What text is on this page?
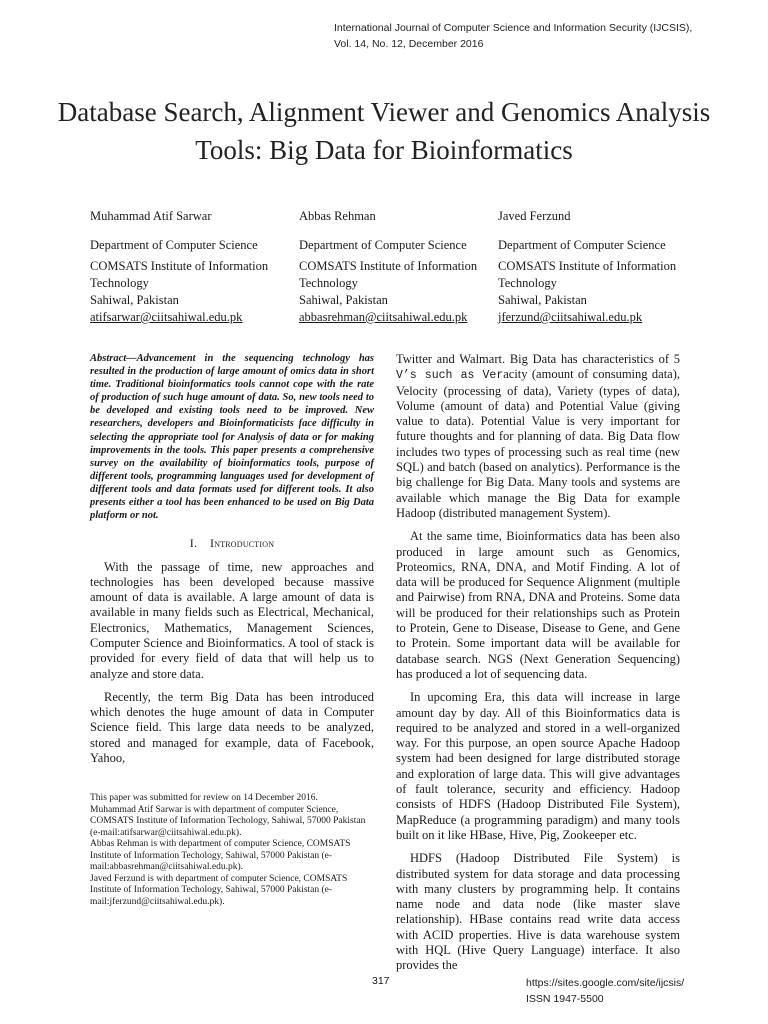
International Journal of Computer Science and Information Security (IJCSIS),
Vol. 14, No. 12, December 2016
Database Search, Alignment Viewer and Genomics Analysis Tools: Big Data for Bioinformatics
Muhammad Atif Sarwar
Department of Computer Science
COMSATS Institute of Information
Technology
Sahiwal, Pakistan
atifsarwar@ciitsahiwal.edu.pk
Abbas Rehman
Department of Computer Science
COMSATS Institute of Information
Technology
Sahiwal, Pakistan
abbasrehman@ciitsahiwal.edu.pk
Javed Ferzund
Department of Computer Science
COMSATS Institute of Information
Technology
Sahiwal, Pakistan
jferzund@ciitsahiwal.edu.pk
Abstract—Advancement in the sequencing technology has resulted in the production of large amount of omics data in short time. Traditional bioinformatics tools cannot cope with the rate of production of such huge amount of data. So, new tools need to be developed and existing tools need to be improved. New researchers, developers and Bioinformaticists face difficulty in selecting the appropriate tool for Analysis of data or for making improvements in the tools. This paper presents a comprehensive survey on the availability of bioinformatics tools, purpose of different tools, programming languages used for development of different tools and data formats used for different tools. It also presents either a tool has been enhanced to be used on Big Data platform or not.
I. Introduction

With the passage of time, new approaches and technologies has been developed because massive amount of data is available. A large amount of data is available in many fields such as Electrical, Mechanical, Electronics, Mathematics, Management Sciences, Computer Science and Bioinformatics. A tool of stack is provided for every field of data that will help us to analyze and store data.

Recently, the term Big Data has been introduced which denotes the huge amount of data in Computer Science field. This large data needs to be analyzed, stored and managed for example, data of Facebook, Yahoo,

Twitter and Walmart. Big Data has characteristics of 5 V’s such as Veracity (amount of consuming data), Velocity (processing of data), Variety (types of data), Volume (amount of data) and Potential Value (giving value to data). Potential Value is very important for future thoughts and for planning of data. Big Data flow includes two types of processing such as real time (new SQL) and batch (based on analytics). Performance is the big challenge for Big Data. Many tools and systems are available which manage the Big Data for example Hadoop (distributed management System).

At the same time, Bioinformatics data has been also produced in large amount such as Genomics, Proteomics, RNA, DNA, and Motif Finding. A lot of data will be produced for Sequence Alignment (multiple and Pairwise) from RNA, DNA and Proteins. Some data will be produced for their relationships such as Protein to Protein, Gene to Disease, Disease to Gene, and Gene to Protein. Some important data will be available for database search. NGS (Next Generation Sequencing) has produced a lot of sequencing data.

In upcoming Era, this data will increase in large amount day by day. All of this Bioinformatics data is required to be analyzed and stored in a well-organized way. For this purpose, an open source Apache Hadoop system had been designed for large distributed storage and exploration of large data. This will give advantages of fault tolerance, security and efficiency. Hadoop consists of HDFS (Hadoop Distributed File System), MapReduce (a programming paradigm) and many tools built on it like HBase, Hive, Pig, Zookeeper etc.

HDFS (Hadoop Distributed File System) is distributed system for data storage and data processing with many clusters by programming help. It contains name node and data node (like master slave relationship). HBase contains read write data access with ACID properties. Hive is data warehouse system with HQL (Hive Query Language) interface. It also provides the

This paper was submitted for review on 14 December 2016.
Muhammad Atif Sarwar is with department of computer Science, COMSATS Institute of Information Techology, Sahiwal, 57000 Pakistan (e-mail:atifsarwar@ciitsahiwal.edu.pk).
Abbas Rehman is with department of computer Science, COMSATS Institute of Information Techology, Sahiwal, 57000 Pakistan (e-mail:abbasrehman@ciitsahiwal.edu.pk).
Javed Ferzund is with department of computer Science, COMSATS Institute of Information Techology, Sahiwal, 57000 Pakistan (e-mail:jferzund@ciitsahiwal.edu.pk).
317	https://sites.google.com/site/ijcsis/
ISSN 1947-5500
